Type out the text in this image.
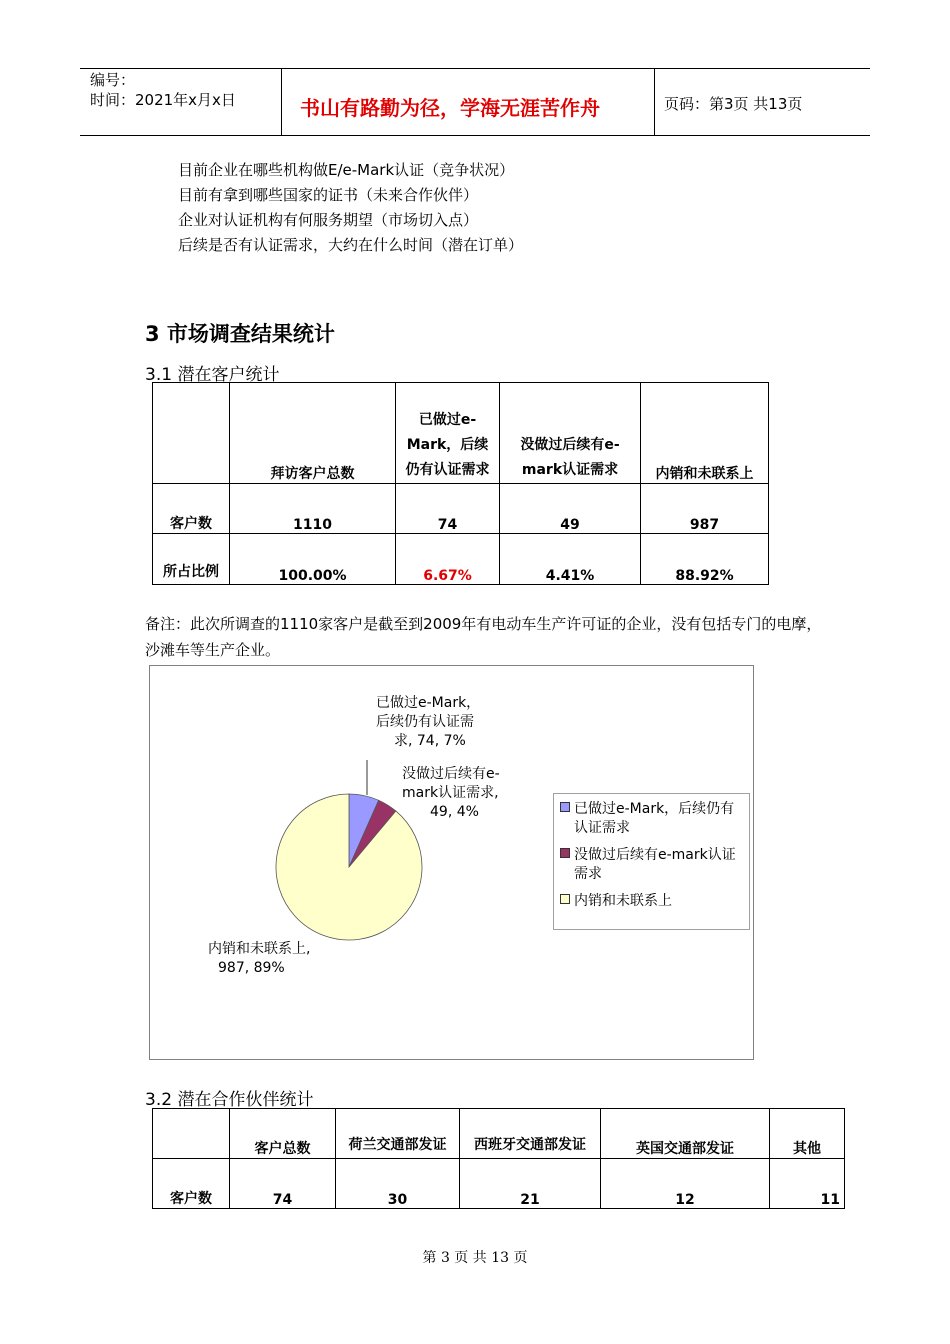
编号：
时间：2021年x月x日	书山有路勤为径，学海无涯苦作舟	页码：第3页 共13页
目前企业在哪些机构做E/e-Mark认证（竞争状况）
目前有拿到哪些国家的证书（未来合作伙伴）
企业对认证机构有何服务期望（市场切入点）
后续是否有认证需求，大约在什么时间（潜在订单）
3 市场调查结果统计
3.1 潜在客户统计
	拜访客户总数	已做过e-Mark，后续仍有认证需求	没做过后续有e-mark认证需求	内销和未联系上
客户数	1110	74	49	987
所占比例	100.00%	6.67%	4.41%	88.92%
备注：此次所调查的1110家客户是截至到2009年有电动车生产许可证的企业，没有包括专门的电摩，沙滩车等生产企业。
已做过e-Mark，
后续仍有认证需
求, 74, 7%
没做过后续有e-
mark认证需求,
49, 4%
内销和未联系上,
987, 89%
已做过e-Mark，后续仍有
认证需求
没做过后续有e-mark认证
需求
内销和未联系上
3.2 潜在合作伙伴统计
	客户总数	荷兰交通部发证	西班牙交通部发证	英国交通部发证	其他
客户数	74	30	21	12	11
第 3 页 共 13 页
